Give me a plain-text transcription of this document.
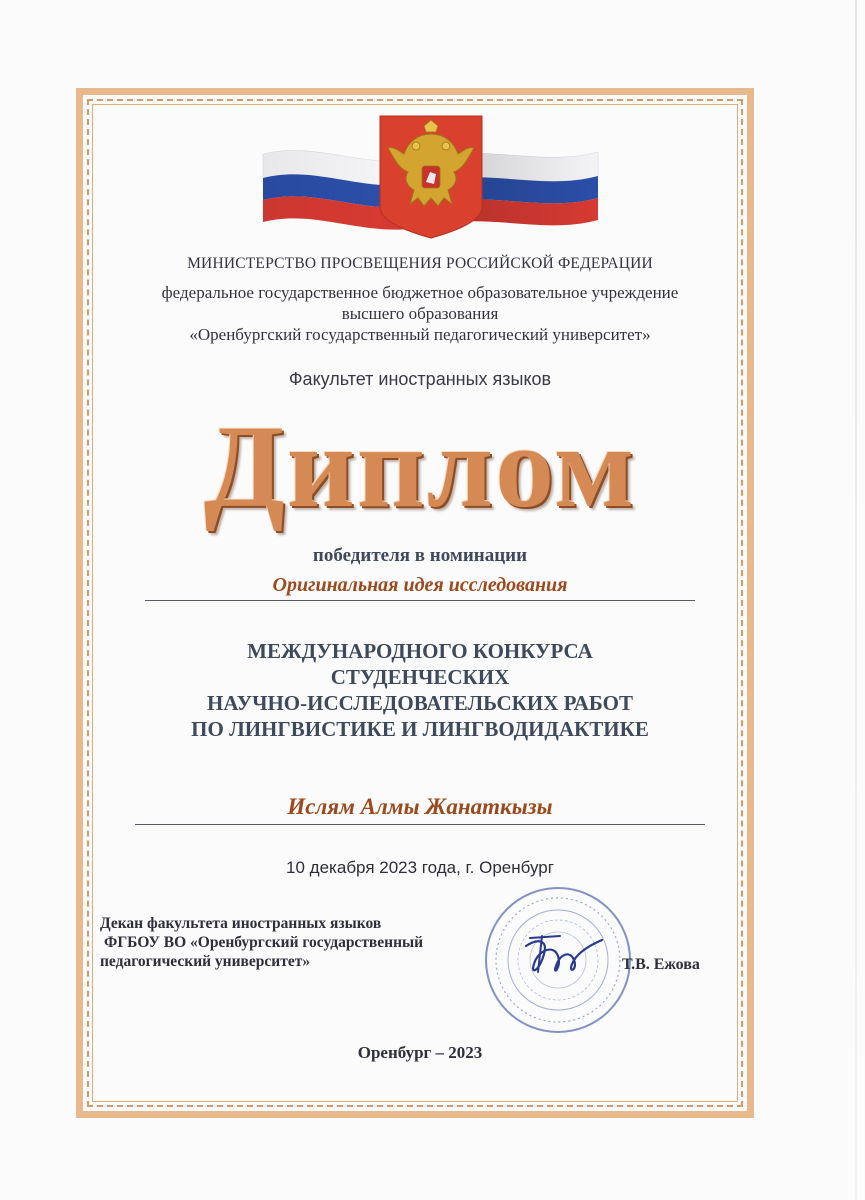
МИНИСТЕРСТВО ПРОСВЕЩЕНИЯ РОССИЙСКОЙ ФЕДЕРАЦИИ
федеральное государственное бюджетное образовательное учреждение
высшего образования
«Оренбургский государственный педагогический университет»
Факультет иностранных языков
Диплом
победителя в номинации
Оригинальная идея исследования
МЕЖДУНАРОДНОГО КОНКУРСА
СТУДЕНЧЕСКИХ
НАУЧНО-ИССЛЕДОВАТЕЛЬСКИХ РАБОТ
ПО ЛИНГВИСТИКЕ И ЛИНГВОДИДАКТИКЕ
Ислям Алмы Жанаткызы
10 декабря 2023 года, г. Оренбург
Декан факультета иностранных языков
ФГБОУ ВО «Оренбургский государственный
педагогический университет»	Т.В. Ежова
Оренбург – 2023
